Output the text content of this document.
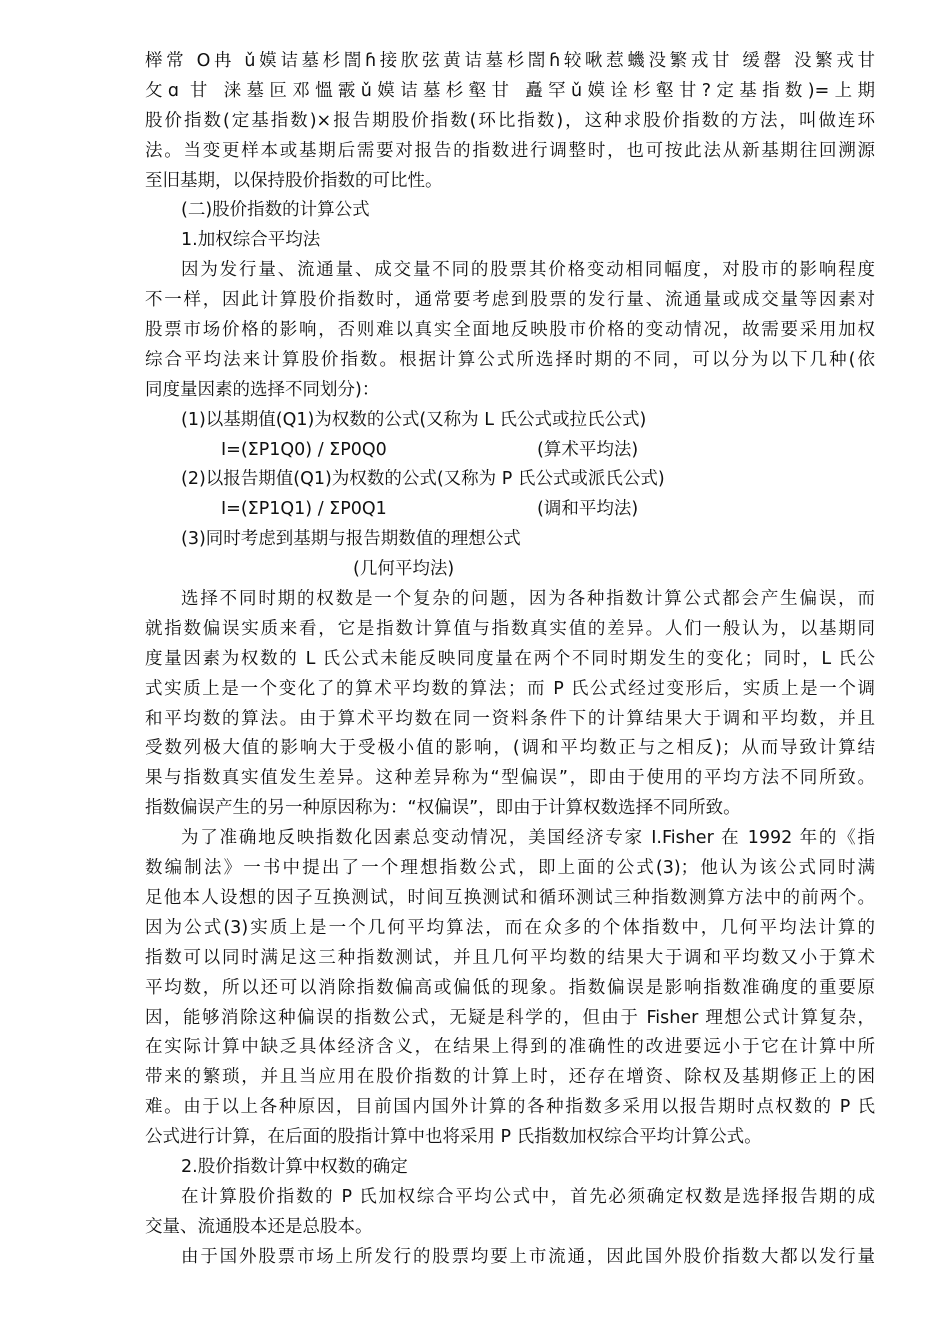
榉常 О冉 ǔ嫫诘墓杉誾ɦ接肷弦黄诘墓杉誾ɦ较啾惹蟣没繁戎甘 缓罄 没繁戎甘
攵ɑ 甘 涞墓叵邓慍霰ǔ嫫诘墓杉壑甘 矗罕ǔ嫫诠杉壑甘?定基指数)=上期
股价指数(定基指数)×报告期股价指数(环比指数)，这种求股价指数的方法，叫做连环
法。当变更样本或基期后需要对报告的指数进行调整时，也可按此法从新基期往回溯源
至旧基期，以保持股价指数的可比性。
(二)股价指数的计算公式
1.加权综合平均法
因为发行量、流通量、成交量不同的股票其价格变动相同幅度，对股市的影响程度
不一样，因此计算股价指数时，通常要考虑到股票的发行量、流通量或成交量等因素对
股票市场价格的影响，否则难以真实全面地反映股市价格的变动情况，故需要采用加权
综合平均法来计算股价指数。根据计算公式所选择时期的不同，可以分为以下几种(依
同度量因素的选择不同划分)：
(1)以基期值(Q1)为权数的公式(又称为 L 氏公式或拉氏公式)
I=(ΣP1Q0) / ΣP0Q0	(算术平均法)
(2)以报告期值(Q1)为权数的公式(又称为 P 氏公式或派氏公式)
I=(ΣP1Q1) / ΣP0Q1	(调和平均法)
(3)同时考虑到基期与报告期数值的理想公式
(几何平均法)
选择不同时期的权数是一个复杂的问题，因为各种指数计算公式都会产生偏误，而
就指数偏误实质来看，它是指数计算值与指数真实值的差异。人们一般认为，以基期同
度量因素为权数的 L 氏公式未能反映同度量在两个不同时期发生的变化；同时，L 氏公
式实质上是一个变化了的算术平均数的算法；而 P 氏公式经过变形后，实质上是一个调
和平均数的算法。由于算术平均数在同一资料条件下的计算结果大于调和平均数，并且
受数列极大值的影响大于受极小值的影响，(调和平均数正与之相反)；从而导致计算结
果与指数真实值发生差异。这种差异称为“型偏误”，即由于使用的平均方法不同所致。
指数偏误产生的另一种原因称为：“权偏误”，即由于计算权数选择不同所致。
为了准确地反映指数化因素总变动情况，美国经济专家 I.Fisher 在 1992 年的《指
数编制法》一书中提出了一个理想指数公式，即上面的公式(3)；他认为该公式同时满
足他本人设想的因子互换测试，时间互换测试和循环测试三种指数测算方法中的前两个。
因为公式(3)实质上是一个几何平均算法，而在众多的个体指数中，几何平均法计算的
指数可以同时满足这三种指数测试，并且几何平均数的结果大于调和平均数又小于算术
平均数，所以还可以消除指数偏高或偏低的现象。指数偏误是影响指数准确度的重要原
因，能够消除这种偏误的指数公式，无疑是科学的，但由于 Fisher 理想公式计算复杂，
在实际计算中缺乏具体经济含义，在结果上得到的准确性的改进要远小于它在计算中所
带来的繁琐，并且当应用在股价指数的计算上时，还存在增资、除权及基期修正上的困
难。由于以上各种原因，目前国内国外计算的各种指数多采用以报告期时点权数的 P 氏
公式进行计算，在后面的股指计算中也将采用 P 氏指数加权综合平均计算公式。
2.股价指数计算中权数的确定
在计算股价指数的 P 氏加权综合平均公式中，首先必须确定权数是选择报告期的成
交量、流通股本还是总股本。
由于国外股票市场上所发行的股票均要上市流通，因此国外股价指数大都以发行量
